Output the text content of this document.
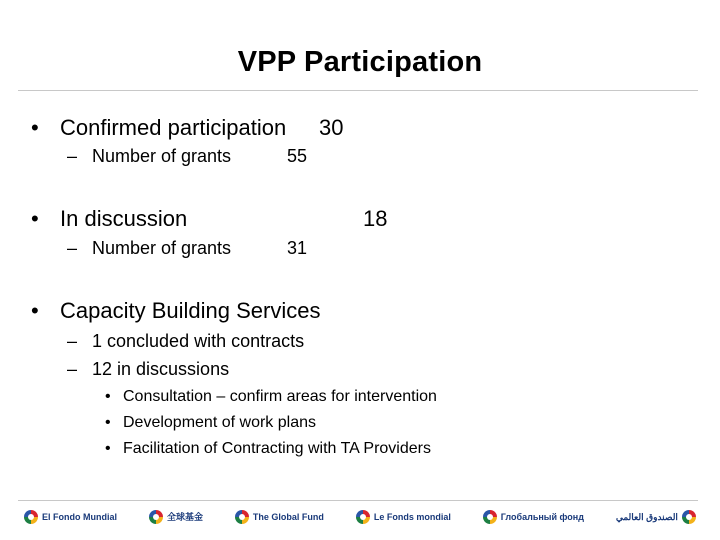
VPP Participation
• Confirmed participation 30
– Number of grants	55
• In discussion	18
– Number of grants	31
• Capacity Building Services
– 1 concluded with contracts
– 12 in discussions
• Consultation – confirm areas for intervention
• Development of work plans
• Facilitation of Contracting with TA Providers
El Fondo Mundial	全球基金	The Global Fund	Le Fonds mondial	Глобальный фонд	الصندوق العالمي
